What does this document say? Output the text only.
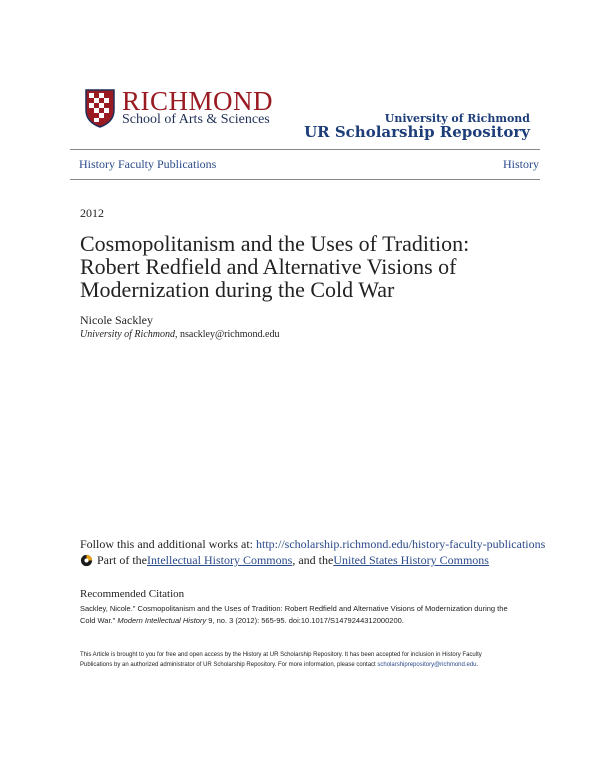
RICHMOND
School of Arts & Sciences	University of Richmond
UR Scholarship Repository
History Faculty Publications	History
2012
Cosmopolitanism and the Uses of Tradition: Robert Redfield and Alternative Visions of Modernization during the Cold War
Nicole Sackley
University of Richmond, nsackley@richmond.edu
Follow this and additional works at: http://scholarship.richmond.edu/history-faculty-publications
Part of the Intellectual History Commons , and the United States History Commons
Recommended Citation
Sackley, Nicole." Cosmopolitanism and the Uses of Tradition: Robert Redfield and Alternative Visions of Modernization during the Cold War." Modern Intellectual History 9, no. 3 (2012): 565-95. doi:10.1017/S1479244312000200.
This Article is brought to you for free and open access by the History at UR Scholarship Repository. It has been accepted for inclusion in History Faculty Publications by an authorized administrator of UR Scholarship Repository. For more information, please contact scholarshiprepository@richmond.edu.
